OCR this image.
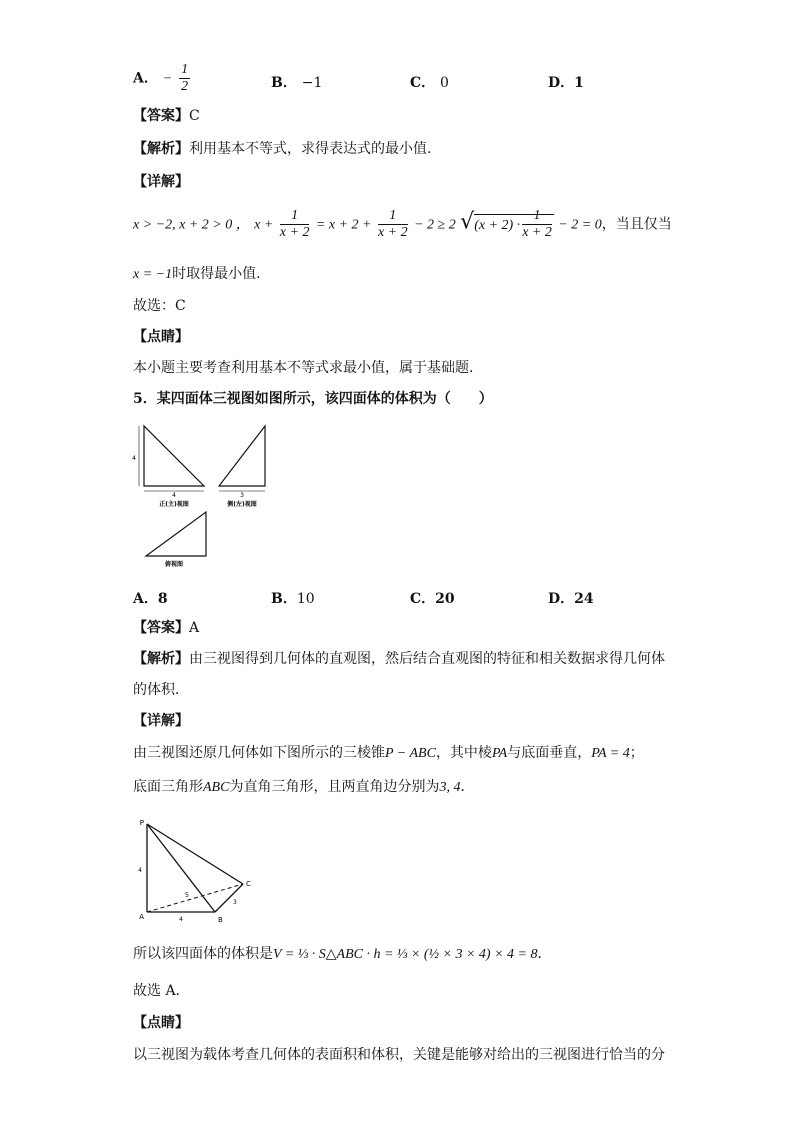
A． − $\frac{1}{2}$	B． −1	C． 0	D．1
【答案】C
【解析】利用基本不等式，求得表达式的最小值.
【详解】
x > −2, x + 2 > 0 ， $x + \frac{1}{x + 2} = x + 2 + \frac{1}{x + 2} - 2 \ge 2$ $√(x + 2) \cdot \frac{1}{x + 2} - 2 = 0$，当且仅当
x = −1时取得最小值.
故选：C
【点睛】
本小题主要考查利用基本不等式求最小值，属于基础题.
5．某四面体三视图如图所示，该四面体的体积为（　　）
4
4
正(主)视图
3
侧(左)视图
俯视图
A．8	B．10	C．20	D．24
【答案】A
【解析】由三视图得到几何体的直观图，然后结合直观图的特征和相关数据求得几何体
的体积．
【详解】
由三视图还原几何体如下图所示的三棱锥P − ABC，其中棱PA与底面垂直，PA = 4；
底面三角形ABC为直角三角形，且两直角边分别为3, 4．
P
A	B
C
4
4
3
5
所以该四面体的体积是V = ⅓ · S△ABC · h = ⅓ × (½ × 3 × 4) × 4 = 8．
故选 A．
【点睛】
以三视图为载体考查几何体的表面积和体积，关键是能够对给出的三视图进行恰当的分
